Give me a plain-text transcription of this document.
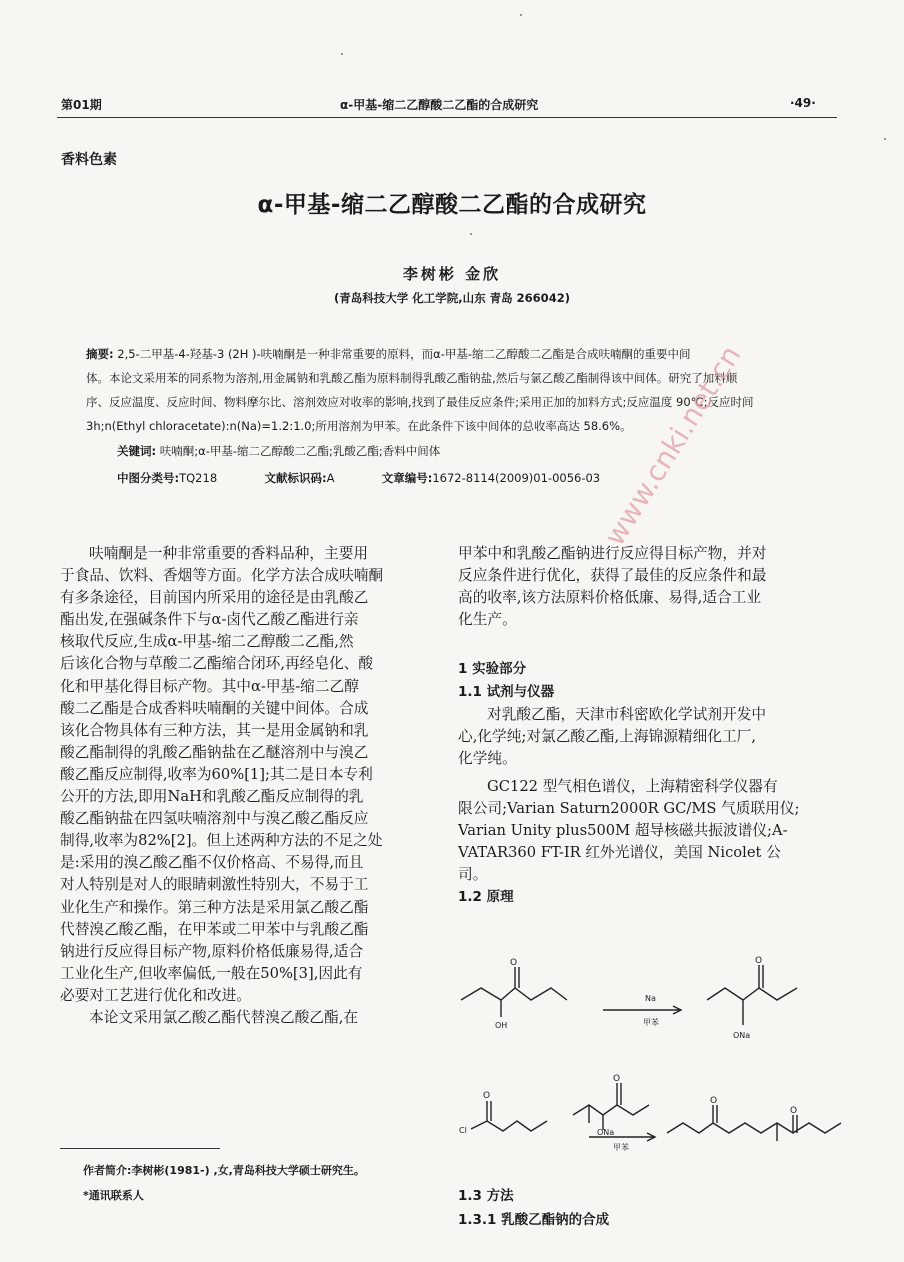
第01期	α-甲基-缩二乙醇酸二乙酯的合成研究	·49·
香料色素
α-甲基-缩二乙醇酸二乙酯的合成研究
李树彬 金欣
(青岛科技大学 化工学院,山东 青岛 266042)
摘要: 2,5-二甲基-4-羟基-3 (2H )-呋喃酮是一种非常重要的原料，而α-甲基-缩二乙醇酸二乙酯是合成呋喃酮的重要中间
体。本论文采用苯的同系物为溶剂,用金属钠和乳酸乙酯为原料制得乳酸乙酯钠盐,然后与氯乙酸乙酯制得该中间体。研究了加料顺
序、反应温度、反应时间、物料摩尔比、溶剂效应对收率的影响,找到了最佳反应条件;采用正加的加料方式;反应温度 90℃;反应时间
3h;n(Ethyl chloracetate):n(Na)=1.2:1.0;所用溶剂为甲苯。在此条件下该中间体的总收率高达 58.6%。
关键词: 呋喃酮;α-甲基-缩二乙醇酸二乙酯;乳酸乙酯;香料中间体
中图分类号:TQ218	文献标识码:A	文章编号:1672-8114(2009)01-0056-03
呋喃酮是一种非常重要的香料品种，主要用
于食品、饮料、香烟等方面。化学方法合成呋喃酮
有多条途径，目前国内所采用的途径是由乳酸乙
酯出发,在强碱条件下与α-卤代乙酸乙酯进行亲
核取代反应,生成α-甲基-缩二乙醇酸二乙酯,然
后该化合物与草酸二乙酯缩合闭环,再经皂化、酸
化和甲基化得目标产物。其中α-甲基-缩二乙醇
酸二乙酯是合成香料呋喃酮的关键中间体。合成
该化合物具体有三种方法，其一是用金属钠和乳
酸乙酯制得的乳酸乙酯钠盐在乙醚溶剂中与溴乙
酸乙酯反应制得,收率为60%[1];其二是日本专利
公开的方法,即用NaH和乳酸乙酯反应制得的乳
酸乙酯钠盐在四氢呋喃溶剂中与溴乙酸乙酯反应
制得,收率为82%[2]。但上述两种方法的不足之处
是:采用的溴乙酸乙酯不仅价格高、不易得,而且
对人特别是对人的眼睛刺激性特别大，不易于工
业化生产和操作。第三种方法是采用氯乙酸乙酯
代替溴乙酸乙酯，在甲苯或二甲苯中与乳酸乙酯
钠进行反应得目标产物,原料价格低廉易得,适合
工业化生产,但收率偏低,一般在50%[3],因此有
必要对工艺进行优化和改进。
本论文采用氯乙酸乙酯代替溴乙酸乙酯,在
甲苯中和乳酸乙酯钠进行反应得目标产物，并对
反应条件进行优化，获得了最佳的反应条件和最
高的收率,该方法原料价格低廉、易得,适合工业
化生产。
1 实验部分
1.1 试剂与仪器
对乳酸乙酯，天津市科密欧化学试剂开发中
心,化学纯;对氯乙酸乙酯,上海锦源精细化工厂,
化学纯。
GC122 型气相色谱仪，上海精密科学仪器有
限公司;Varian Saturn2000R GC/MS 气质联用仪;
Varian Unity plus500M 超导核磁共振波谱仪;A-
VATAR360 FT-IR 红外光谱仪，美国 Nicolet 公
司。
1.2 原理
O
OH
Na
甲苯
O
ONa
Cl
O
O
ONa
甲苯
O
O
1.3 方法
1.3.1 乳酸乙酯钠的合成
作者简介:李树彬(1981-) ,女,青岛科技大学硕士研究生。
*通讯联系人
www.cnki.net.cn
